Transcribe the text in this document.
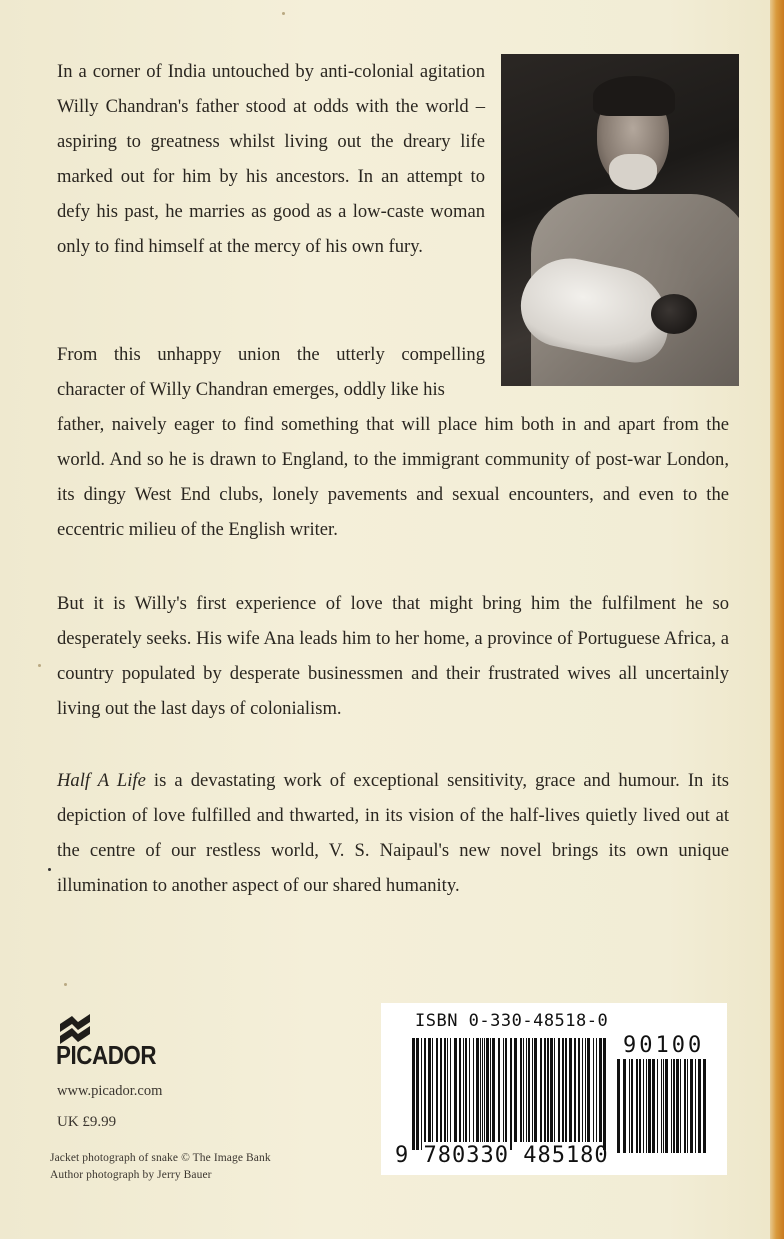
In a corner of India untouched by anti-colonial agitation Willy Chandran's father stood at odds with the world – aspiring to greatness whilst living out the dreary life marked out for him by his ancestors. In an attempt to defy his past, he marries as good as a low-caste woman only to find himself at the mercy of his own fury.

From this unhappy union the utterly compelling character of Willy Chandran emerges, oddly like his

father, naively eager to find something that will place him both in and apart from the world. And so he is drawn to England, to the immigrant community of post-war London, its dingy West End clubs, lonely pavements and sexual encounters, and even to the eccentric milieu of the English writer.

But it is Willy's first experience of love that might bring him the fulfilment he so desperately seeks. His wife Ana leads him to her home, a province of Portuguese Africa, a country populated by desperate businessmen and their frustrated wives all uncertainly living out the last days of colonialism.

Half A Life is a devastating work of exceptional sensitivity, grace and humour. In its depiction of love fulfilled and thwarted, in its vision of the half-lives quietly lived out at the centre of our restless world, V. S. Naipaul's new novel brings its own unique illumination to another aspect of our shared humanity.

PICADOR
www.picador.com
UK £9.99
Jacket photograph of snake © The Image Bank
Author photograph by Jerry Bauer
ISBN 0-330-48518-0
90100
9 780330 485180
